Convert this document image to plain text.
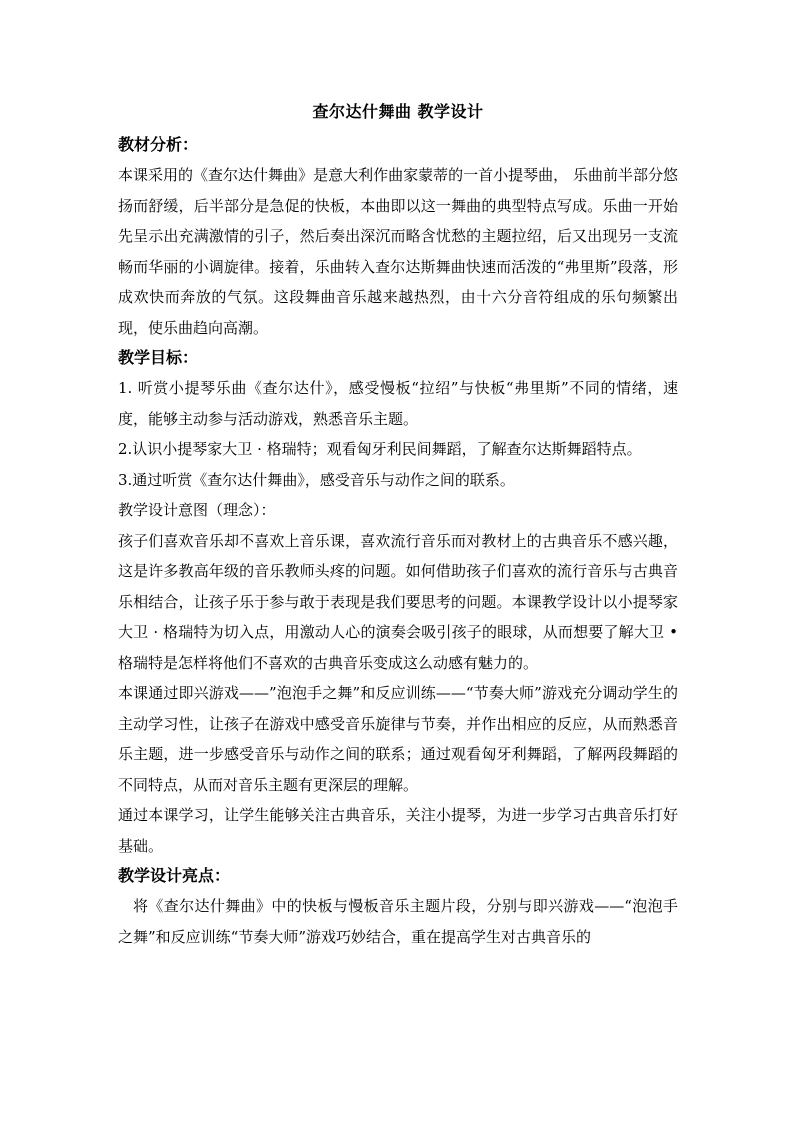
查尔达什舞曲 教学设计
教材分析：

本课采用的《查尔达什舞曲》是意大利作曲家蒙蒂的一首小提琴曲， 乐曲前半部分悠扬而舒缓，后半部分是急促的快板，本曲即以这一舞曲的典型特点写成。乐曲一开始先呈示出充满激情的引子，然后奏出深沉而略含忧愁的主题拉绍，后又出现另一支流畅而华丽的小调旋律。接着，乐曲转入查尔达斯舞曲快速而活泼的“弗里斯”段落，形成欢快而奔放的气氛。这段舞曲音乐越来越热烈，由十六分音符组成的乐句频繁出现，使乐曲趋向高潮。

教学目标：

1. 听赏小提琴乐曲《查尔达什》，感受慢板“拉绍”与快板“弗里斯”不同的情绪，速度，能够主动参与活动游戏，熟悉音乐主题。

2.认识小提琴家大卫 · 格瑞特；观看匈牙利民间舞蹈，了解查尔达斯舞蹈特点。

3.通过听赏《查尔达什舞曲》，感受音乐与动作之间的联系。

教学设计意图（理念）：

孩子们喜欢音乐却不喜欢上音乐课，喜欢流行音乐而对教材上的古典音乐不感兴趣，这是许多教高年级的音乐教师头疼的问题。如何借助孩子们喜欢的流行音乐与古典音乐相结合，让孩子乐于参与敢于表现是我们要思考的问题。本课教学设计以小提琴家大卫 · 格瑞特为切入点，用激动人心的演奏会吸引孩子的眼球，从而想要了解大卫 • 格瑞特是怎样将他们不喜欢的古典音乐变成这么动感有魅力的。

本课通过即兴游戏——”泡泡手之舞”和反应训练——“节奏大师”游戏充分调动学生的主动学习性，让孩子在游戏中感受音乐旋律与节奏，并作出相应的反应，从而熟悉音乐主题，进一步感受音乐与动作之间的联系；通过观看匈牙利舞蹈，了解两段舞蹈的不同特点，从而对音乐主题有更深层的理解。

通过本课学习，让学生能够关注古典音乐，关注小提琴，为进一步学习古典音乐打好基础。

教学设计亮点：

将《查尔达什舞曲》中的快板与慢板音乐主题片段，分别与即兴游戏——“泡泡手之舞”和反应训练“节奏大师”游戏巧妙结合，重在提高学生对古典音乐的
